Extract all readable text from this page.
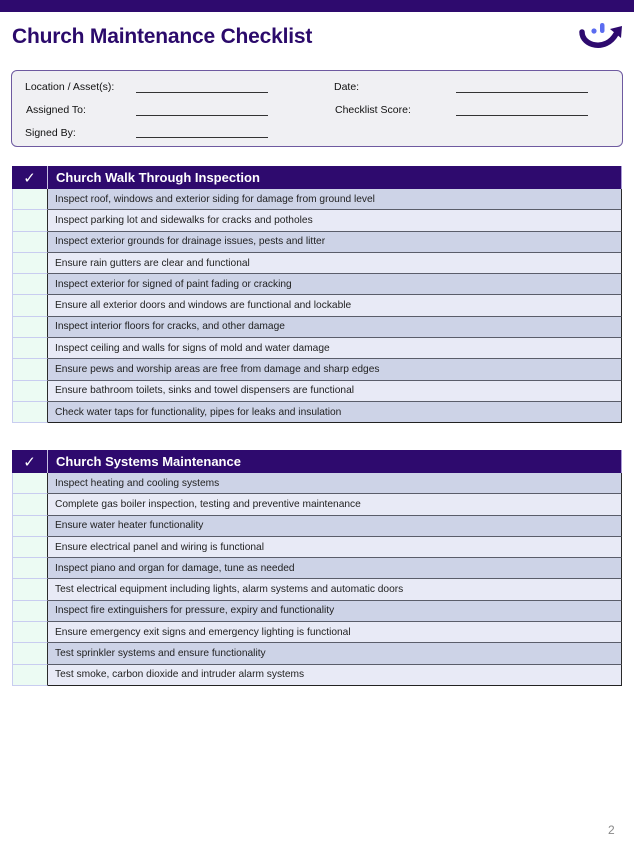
Church Maintenance Checklist
Location / Asset(s):	Date:
Assigned To:	Checklist Score:
Signed By:
✓	Church Walk Through Inspection
Inspect roof, windows and exterior siding for damage from ground level
Inspect parking lot and sidewalks for cracks and potholes
Inspect exterior grounds for drainage issues, pests and litter
Ensure rain gutters are clear and functional
Inspect exterior for signed of paint fading or cracking
Ensure all exterior doors and windows are functional and lockable
Inspect interior floors for cracks, and other damage
Inspect ceiling and walls for signs of mold and water damage
Ensure pews and worship areas are free from damage and sharp edges
Ensure bathroom toilets, sinks and towel dispensers are functional
Check water taps for functionality, pipes for leaks and insulation
✓	Church Systems Maintenance
Inspect heating and cooling systems
Complete gas boiler inspection, testing and preventive maintenance
Ensure water heater functionality
Ensure electrical panel and wiring is functional
Inspect piano and organ for damage, tune as needed
Test electrical equipment including lights, alarm systems and automatic doors
Inspect fire extinguishers for pressure, expiry and functionality
Ensure emergency exit signs and emergency lighting is functional
Test sprinkler systems and ensure functionality
Test smoke, carbon dioxide and intruder alarm systems
2
